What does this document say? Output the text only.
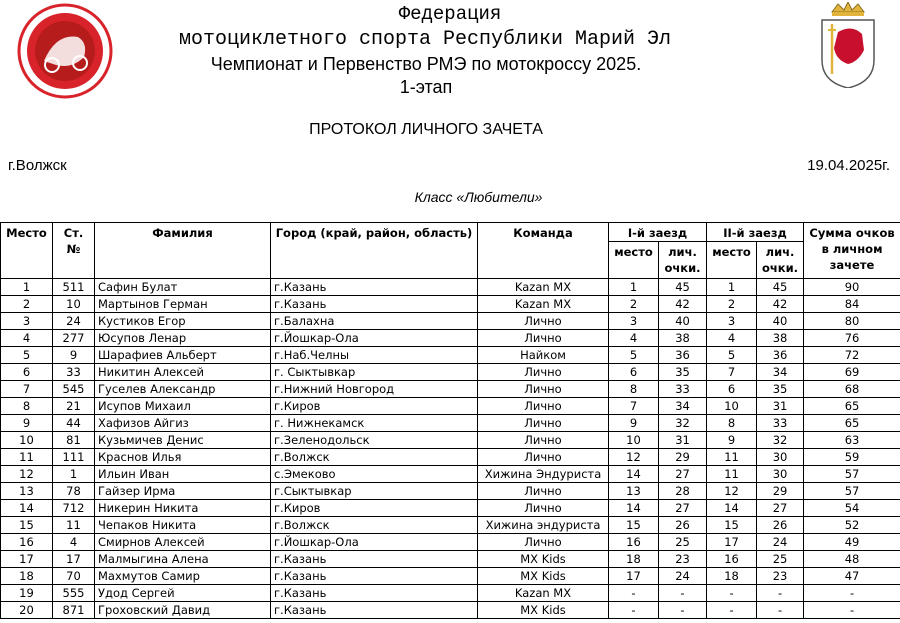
Федерация
мотоциклетного спорта Республики Марий Эл
Чемпионат и Первенство РМЭ по мотокроссу 2025.
1-этап
ПРОТОКОЛ ЛИЧНОГО ЗАЧЕТА
г.Волжск	19.04.2025г.
Класс «Любители»
Место	Ст. №	Фамилия	Город (край, район, область)	Команда	I-й заезд		II-й заезд		Сумма очков в личном зачете
					место	лич. очки.	место	лич. очки.	
1	511	Сафин Булат	г.Казань	Kazan MX	1	45	1	45	90
2	10	Мартынов Герман	г.Казань	Kazan MX	2	42	2	42	84
3	24	Кустиков Егор	г.Балахна	Лично	3	40	3	40	80
4	277	Юсупов Ленар	г.Йошкар-Ола	Лично	4	38	4	38	76
5	9	Шарафиев Альберт	г.Наб.Челны	Найком	5	36	5	36	72
6	33	Никитин Алексей	г. Сыктывкар	Лично	6	35	7	34	69
7	545	Гуселев Александр	г.Нижний Новгород	Лично	8	33	6	35	68
8	21	Исупов Михаил	г.Киров	Лично	7	34	10	31	65
9	44	Хафизов Айгиз	г. Нижнекамск	Лично	9	32	8	33	65
10	81	Кузьмичев Денис	г.Зеленодольск	Лично	10	31	9	32	63
11	111	Краснов Илья	г.Волжск	Лично	12	29	11	30	59
12	1	Ильин Иван	с.Эмеково	Хижина Эндуриста	14	27	11	30	57
13	78	Гайзер Ирма	г.Сыктывкар	Лично	13	28	12	29	57
14	712	Никерин Никита	г.Киров	Лично	14	27	14	27	54
15	11	Чепаков Никита	г.Волжск	Хижина эндуриста	15	26	15	26	52
16	4	Смирнов Алексей	г.Йошкар-Ола	Лично	16	25	17	24	49
17	17	Малмыгина Алена	г.Казань	MX Kids	18	23	16	25	48
18	70	Махмутов Самир	г.Казань	MX Kids	17	24	18	23	47
19	555	Удод Сергей	г.Казань	Kazan MX	-	-	-	-	-
20	871	Гроховский Давид	г.Казань	MX Kids	-	-	-	-	-
